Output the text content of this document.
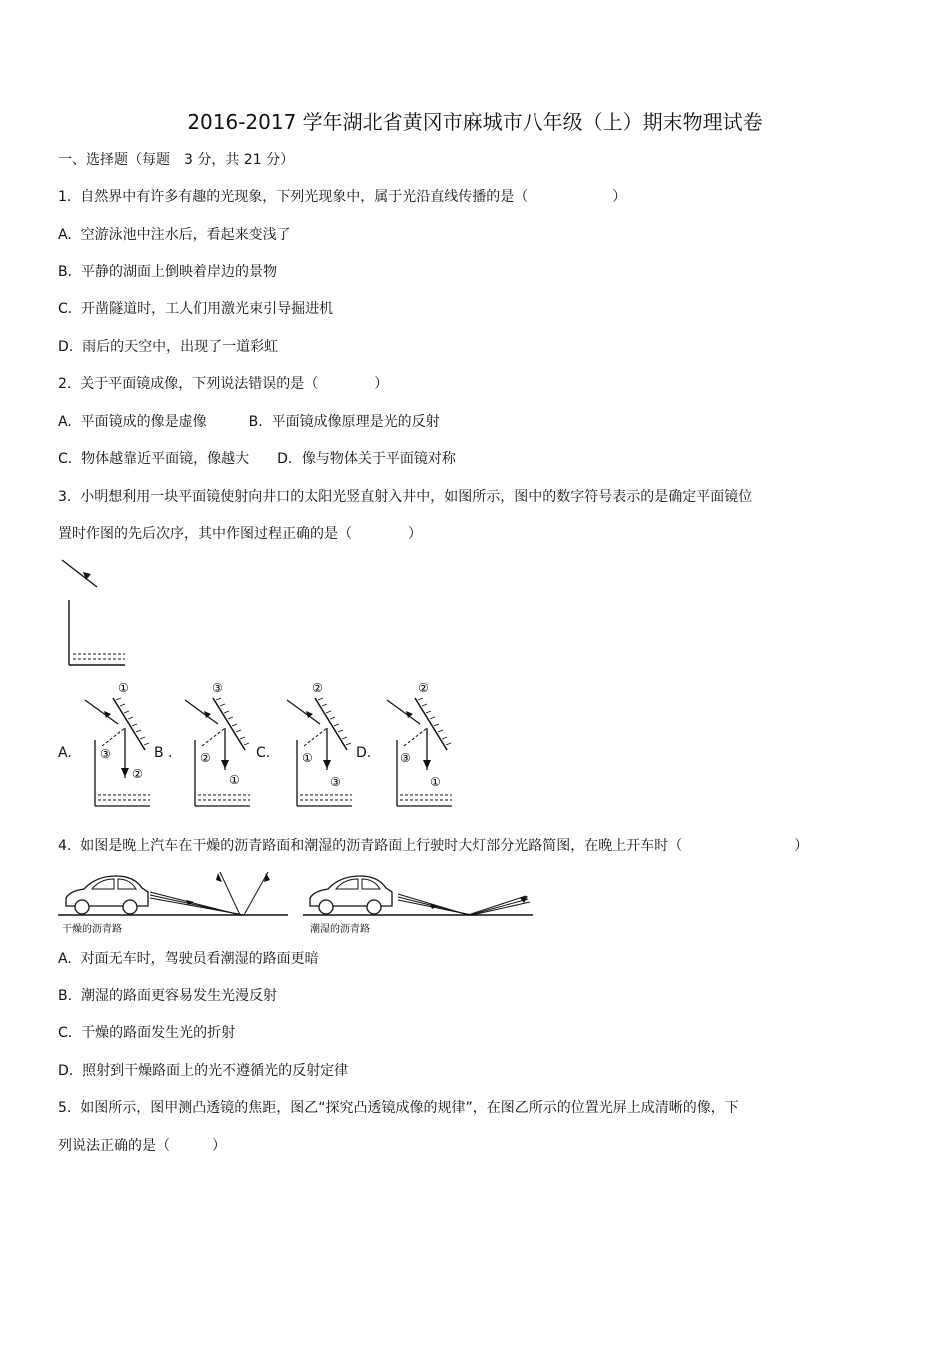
2016-2017 学年湖北省黄冈市麻城市八年级（上）期末物理试卷
一、选择题（每题　3 分，共 21 分）
1.  自然界中有许多有趣的光现象，下列光现象中，属于光沿直线传播的是（　　　　　　）
A.  空游泳池中注水后，看起来变浅了
B.  平静的湖面上倒映着岸边的景物
C.  开凿隧道时，工人们用激光束引导掘进机
D.  雨后的天空中，出现了一道彩虹
2.  关于平面镜成像，下列说法错误的是（　　　　）
A.  平面镜成的像是虚像　　　B.  平面镜成像原理是光的反射
C.  物体越靠近平面镜，像越大　　D．像与物体关于平面镜对称
3.  小明想利用一块平面镜使射向井口的太阳光竖直射入井中，如图所示，图中的数字符号表示的是确定平面镜位
置时作图的先后次序，其中作图过程正确的是（　　　　）
A.	B .	C.	D.
①
③
②
③
②
①
②
①
③
②
③
①
4.  如图是晚上汽车在干燥的沥青路面和潮湿的沥青路面上行驶时大灯部分光路简图，在晚上开车时（　　　　　　　　）
干燥的沥青路	潮湿的沥青路
A.  对面无车时，驾驶员看潮湿的路面更暗
B.  潮湿的路面更容易发生光漫反射
C.  干燥的路面发生光的折射
D.  照射到干燥路面上的光不遵循光的反射定律
5.  如图所示，图甲测凸透镜的焦距，图乙“探究凸透镜成像的规律”，在图乙所示的位置光屏上成清晰的像，下
列说法正确的是（　　　）
